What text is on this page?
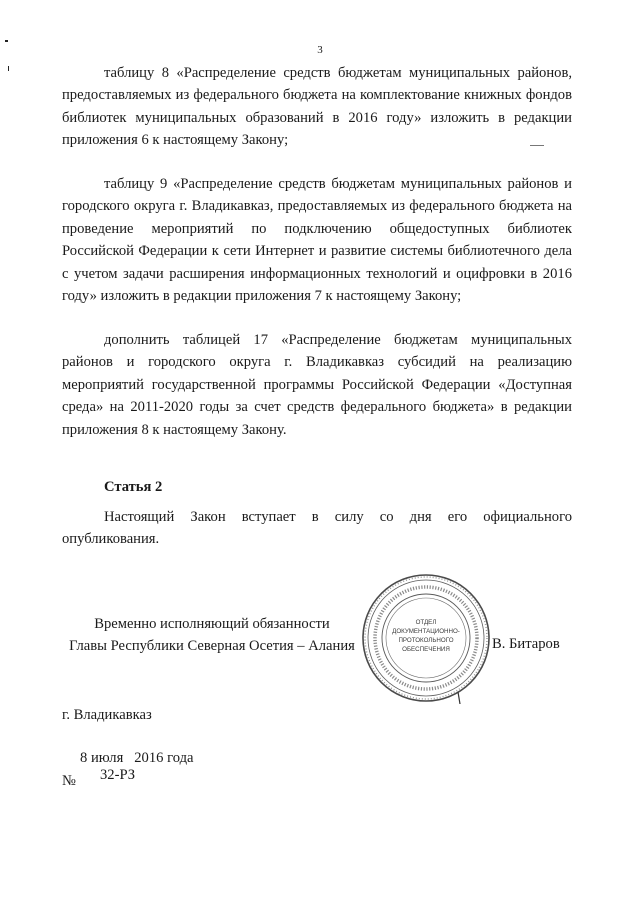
3

таблицу 8 «Распределение средств бюджетам муниципальных районов, предоставляемых из федерального бюджета на комплектование книжных фондов библиотек муниципальных образований в 2016 году» изложить в редакции приложения 6 к настоящему Закону;

таблицу 9 «Распределение средств бюджетам муниципальных районов и городского округа г. Владикавказ, предоставляемых из федерального бюджета на проведение мероприятий по подключению общедоступных библиотек Российской Федерации к сети Интернет и развитие системы библиотечного дела с учетом задачи расширения информационных технологий и оцифровки в 2016 году» изложить в редакции приложения 7 к настоящему Закону;

дополнить таблицей 17 «Распределение бюджетам муниципальных районов и городского округа г. Владикавказ субсидий на реализацию мероприятий государственной программы Российской Федерации «Доступная среда» на 2011-2020 годы за счет средств федерального бюджета» в редакции приложения 8 к настоящему Закону.

Статья 2

Настоящий Закон вступает в силу со дня его официального опубликования.

Временно исполняющий обязанности
Главы Республики Северная Осетия – Алания
ОТДЕЛ
ДОКУМЕНТАЦИОННО-
ПРОТОКОЛЬНОГО
ОБЕСПЕЧЕНИЯ	В. Битаров
г. Владикавказ
8 июля   2016 года
№ 32-РЗ
